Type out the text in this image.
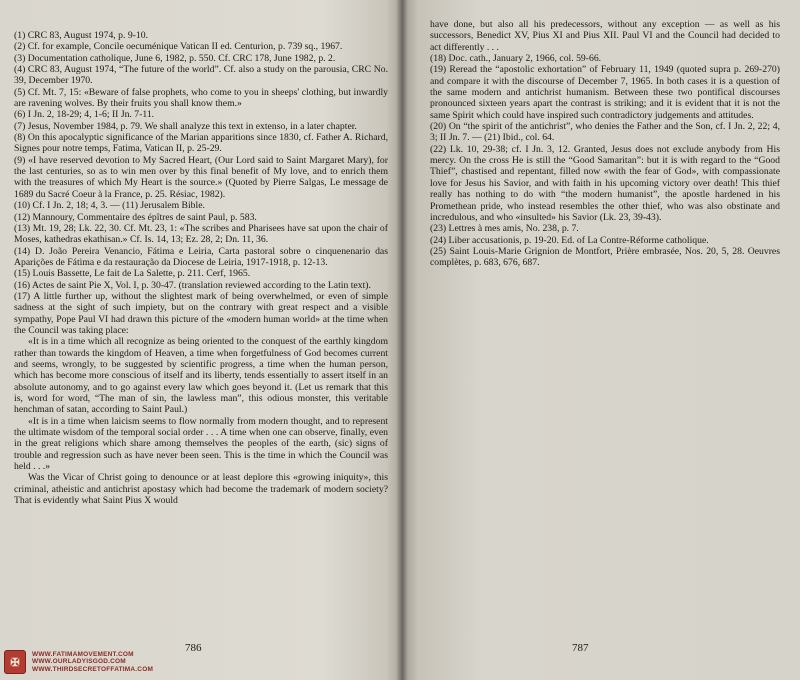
(1) CRC 83, August 1974, p. 9-10.

(2) Cf. for example, Concile oecuménique Vatican II ed. Centurion, p. 739 sq., 1967.

(3) Documentation catholique, June 6, 1982, p. 550. Cf. CRC 178, June 1982, p. 2.

(4) CRC 83, August 1974, “The future of the world”. Cf. also a study on the parousia, CRC No. 39, December 1970.

(5) Cf. Mt. 7, 15: «Beware of false prophets, who come to you in sheeps' clothing, but inwardly are ravening wolves. By their fruits you shall know them.»

(6) I Jn. 2, 18-29; 4, 1-6; II Jn. 7-11.

(7) Jesus, November 1984, p. 79. We shall analyze this text in extenso, in a later chapter.

(8) On this apocalyptic significance of the Marian apparitions since 1830, cf. Father A. Richard, Signes pour notre temps, Fatima, Vatican II, p. 25-29.

(9) «I have reserved devotion to My Sacred Heart, (Our Lord said to Saint Margaret Mary), for the last centuries, so as to win men over by this final benefit of My love, and to enrich them with the treasures of which My Heart is the source.» (Quoted by Pierre Salgas, Le message de 1689 du Sacré Coeur à la France, p. 25. Résiac, 1982).

(10) Cf. I Jn. 2, 18; 4, 3. — (11) Jerusalem Bible.

(12) Mannoury, Commentaire des épîtres de saint Paul, p. 583.

(13) Mt. 19, 28; Lk. 22, 30. Cf. Mt. 23, 1: «The scribes and Pharisees have sat upon the chair of Moses, kathedras ekathisan.» Cf. Is. 14, 13; Ez. 28, 2; Dn. 11, 36.

(14) D. João Pereira Venancio, Fátima e Leiria, Carta pastoral sobre o cinquenenario das Aparições de Fátima e da restauração da Diocese de Leiria, 1917-1918, p. 12-13.

(15) Louis Bassette, Le fait de La Salette, p. 211. Cerf, 1965.

(16) Actes de saint Pie X, Vol. I, p. 30-47. (translation reviewed according to the Latin text).

(17) A little further up, without the slightest mark of being overwhelmed, or even of simple sadness at the sight of such impiety, but on the contrary with great respect and a visible sympathy, Pope Paul VI had drawn this picture of the «modern human world» at the time when the Council was taking place:

«It is in a time which all recognize as being oriented to the conquest of the earthly kingdom rather than towards the kingdom of Heaven, a time when forgetfulness of God becomes current and seems, wrongly, to be suggested by scientific progress, a time when the human person, which has become more conscious of itself and its liberty, tends essentially to assert itself in an absolute autonomy, and to go against every law which goes beyond it. (Let us remark that this is, word for word, “The man of sin, the lawless man”, this odious monster, this veritable henchman of satan, according to Saint Paul.)

«It is in a time when laicism seems to flow normally from modern thought, and to represent the ultimate wisdom of the temporal social order . . . A time when one can observe, finally, even in the great religions which share among themselves the peoples of the earth, (sic) signs of trouble and regression such as have never been seen. This is the time in which the Council was held . . .»

Was the Vicar of Christ going to denounce or at least deplore this «growing iniquity», this criminal, atheistic and antichrist apostasy which had become the trademark of modern society? That is evidently what Saint Pius X would

786
✠
WWW.FATIMAMOVEMENT.COM
WWW.OURLADYISGOD.COM
WWW.THIRDSECRETOFFATIMA.COM

have done, but also all his predecessors, without any exception — as well as his successors, Benedict XV, Pius XI and Pius XII. Paul VI and the Council had decided to act differently . . .

(18) Doc. cath., January 2, 1966, col. 59-66.

(19) Reread the “apostolic exhortation” of February 11, 1949 (quoted supra p. 269-270) and compare it with the discourse of December 7, 1965. In both cases it is a question of the same modern and antichrist humanism. Between these two pontifical discourses pronounced sixteen years apart the contrast is striking; and it is evident that it is not the same Spirit which could have inspired such contradictory judgements and attitudes.

(20) On “the spirit of the antichrist”, who denies the Father and the Son, cf. I Jn. 2, 22; 4, 3; II Jn. 7. — (21) Ibid., col. 64.

(22) Lk. 10, 29-38; cf. I Jn. 3, 12. Granted, Jesus does not exclude anybody from His mercy. On the cross He is still the “Good Samaritan”: but it is with regard to the “Good Thief”, chastised and repentant, filled now «with the fear of God», with compassionate love for Jesus his Savior, and with faith in his upcoming victory over death! This thief really has nothing to do with “the modern humanist”, the apostle hardened in his Promethean pride, who instead resembles the other thief, who was also obstinate and incredulous, and who «insulted» his Savior (Lk. 23, 39-43).

(23) Lettres à mes amis, No. 238, p. 7.

(24) Liber accusationis, p. 19-20. Ed. of La Contre-Réforme catholique.

(25) Saint Louis-Marie Grignion de Montfort, Prière embrasée, Nos. 20, 5, 28. Oeuvres complètes, p. 683, 676, 687.

787
